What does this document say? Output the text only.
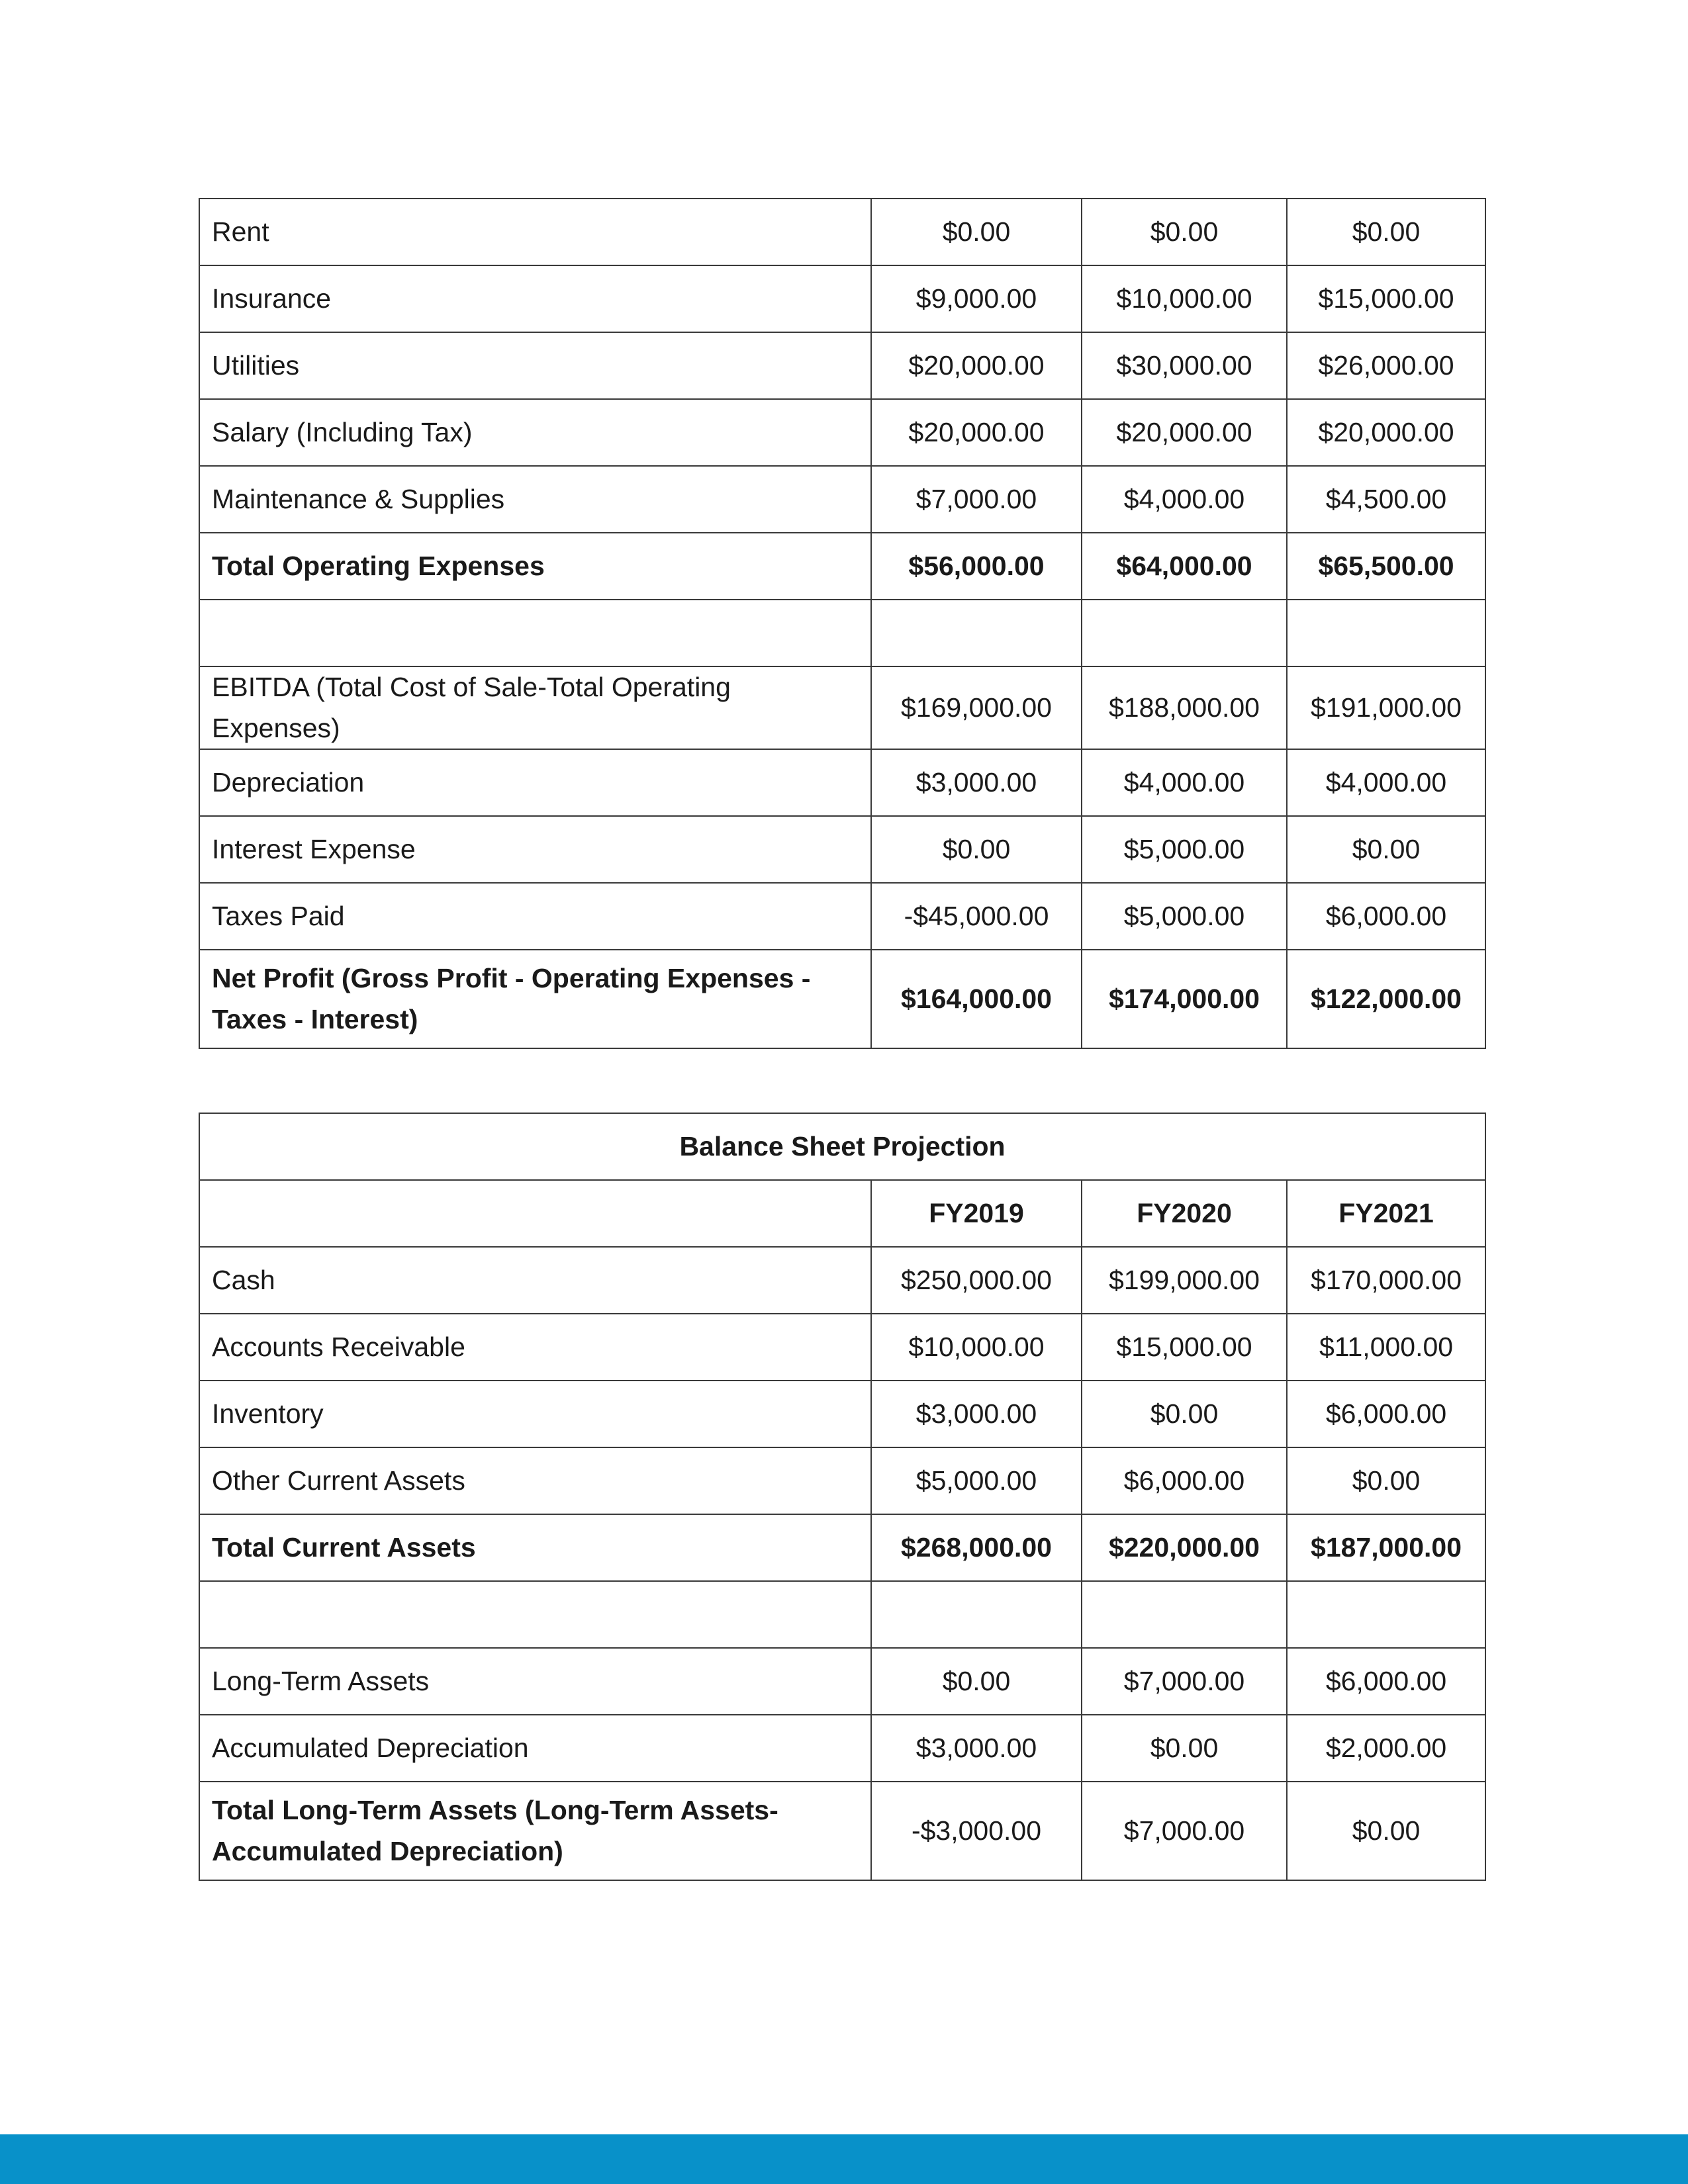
Rent	$0.00	$0.00	$0.00
Insurance	$9,000.00	$10,000.00	$15,000.00
Utilities	$20,000.00	$30,000.00	$26,000.00
Salary (Including Tax)	$20,000.00	$20,000.00	$20,000.00
Maintenance & Supplies	$7,000.00	$4,000.00	$4,500.00
Total Operating Expenses	$56,000.00	$64,000.00	$65,500.00

EBITDA (Total Cost of Sale-Total Operating Expenses)	$169,000.00	$188,000.00	$191,000.00
Depreciation	$3,000.00	$4,000.00	$4,000.00
Interest Expense	$0.00	$5,000.00	$0.00
Taxes Paid	-$45,000.00	$5,000.00	$6,000.00
Net Profit (Gross Profit - Operating Expenses - Taxes - Interest)	$164,000.00	$174,000.00	$122,000.00
Balance Sheet Projection			
	FY2019	FY2020	FY2021
Cash	$250,000.00	$199,000.00	$170,000.00
Accounts Receivable	$10,000.00	$15,000.00	$11,000.00
Inventory	$3,000.00	$0.00	$6,000.00
Other Current Assets	$5,000.00	$6,000.00	$0.00
Total Current Assets	$268,000.00	$220,000.00	$187,000.00

Long-Term Assets	$0.00	$7,000.00	$6,000.00
Accumulated Depreciation	$3,000.00	$0.00	$2,000.00
Total Long-Term Assets (Long-Term Assets-Accumulated Depreciation)	-$3,000.00	$7,000.00	$0.00
